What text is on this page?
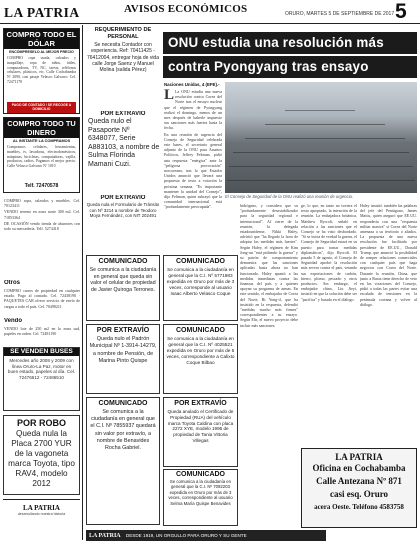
LA PATRIA	AVISOS ECONÓMICOS	ORURO, MARTES 5 DE SEPTIEMBRE DE 2017 5
COMPRO TODO EL DÓLAR
ENCÓMPRESELO AL MEJOR PRECIO
COMPRO ropa usada, calzados y maquillaje, ropa de niños, útiles, computadoras, TV, NC, tareas, teléfonos celulares, plásticos, etc. Calle Cochabamba Nº 2090, casi pasaje Velasco Galvarro. Cel. 72471178
PAGO DE CONTADO / SE RECOGE A DOMICILIO
COMPRO TODO TU DINERO
AL INSTANTE LA COMPRAMOS
Compramos celulares, herramientas, muebles, tv, lavadoras, electrodomésticos, máquinas, bicicletas, computadoras, vajilla, productos, radios. Pagamos el mejor precio. Calle Velasco Galvarro Nº 1010
Telf. 72470578

COMPRO ropa, calzados y muebles. Cel. 70123411

VENDO terreno en zona norte 300 m2. Cel. 71853364

DE OCASIÓN vendo tienda de abarrotes con todo su mercadería. Telf. 5274418

Otros
COMPRO carros de propiedad en cualquier estado. Pago al contado. Cel. 72438190 · PAQUETES CAR ofrece servicio de envío de cargas a todo el país. Cel. 70498211
Vendo
VENDO lote de 250 m2 en la zona sud, papeles en orden. Cel. 72481190
SE VENDEN BUSES
Mercedes año 2008 y 2009 con línea Oruro-La Paz, motor en buen estado, papeles al día. Cel. 72476512 - 72486510
POR ROBO
Queda nula la Placa 2700 YUR de la vagoneta marca Toyota, tipo RAV4, modelo 2012
LA PATRIA
desarrollando nuestra historia
REQUERIMIENTO DE PERSONAL
Se necesita Contador con experiencia. Ref: 70411425 - 76412004, entregar hoja de vida calle Jorge Saenz y Manuel Molina (salida Pérez)
POR EXTRAVÍO
Queda nulo el Pasaporte Nº 6348077, Serie A883103, a nombre de Sulma Florinda Mamani Cuzi.
POR EXTRAVÍO
Queda nula el Formulario de Tránsito con Nº 3214 a nombre de Teodoro Moya Fernández, con NIT 202491
COMUNICADO
Se comunica a la ciudadanía en general que queda sin valor el celular de propiedad de Javier Quiroga Terrones.
POR EXTRAVÍO
Queda nulo el Padrón Municipal Nº 1-3914-14279, a nombre de Pensión, de Marina Pinto Quispe
COMUNICADO
Se comunica a la ciudadanía en general que el C.I. Nº 7855937 quedará sin valor por extravío, a nombre de Benavides Rocha Gabriel.
LA PATRIA DESDE 1919, UN ORGULLO PARA ORURO Y SU GENTE
COMUNICADO
Se comunica a la ciudadanía en general que la C.I. Nº 5771983 expedida en Oruro por más de 3 veces, corresponde al usuario Isaac Alberto Velasco Coque
COMUNICADO
Se comunica a la ciudadanía en general que la C.I. Nº 4025521 expedida en Oruro por más de 5 veces, correspondiente a Calixto Coque Bilbao
POR EXTRAVÍO
Queda anulado el Certificado de Propiedad (RUA) del vehículo marca Toyota Caldina con placa 2272 XYE, modelo 1995 de propiedad de Tania Vittoria Villegas
COMUNICADO
Se comunica a la ciudadanía en general que la C.I. Nº 7092203 expedida en Oruro por más de 3 veces, correspondiente al usuario Selma María Quispe Benavides
ONU estudia una resolución más
contra Pyongyang tras ensayo
Naciones Unidas, 4 (EFE).-
L La ONU estudia una nueva resolución contra Corea del Norte tras el ensayo nuclear que el régimen de Pyongyang realizó el domingo, menos de un mes después de haberle impuesto sus sanciones más fuertes hasta la fecha.

En una reunión de urgencia del Consejo de Seguridad celebrada este lunes, el secretario general adjunto de la ONU para Asuntos Políticos, Jeffrey Feltman, pidió una respuesta "enérgica" ante la "peligrosa provocación" norcoreana, tras lo que Estados Unidos anunció que llevará una propuesta de texto a votación la próxima semana. "Es importante mantener la unidad del Consejo", dijo Feltman, quien subrayó que la comunidad internacional está "profundamente preocupada".

El Consejo de Seguridad de la ONU realizó una reunión de urgencia.
hidrógeno, y considera que su "profundamente desestabilizador para la seguridad regional e internacional". Al cierre de la reunión, la delegada estadounidense, Nikki Haley, advirtió que "ha llegado la hora de adoptar las medidas más fuertes". Según Haley, el régimen de Kim Jong-un "está pidiendo la guerra" y su patrón de comportamiento demuestra que las sanciones aplicadas hasta ahora no han funcionado. Haley apuntó a las medidas inmediatas contra las finanzas del país y a quienes apoyan su programa de armas. En este sentido, el embajador de Corea del Norte, Ri Yong-il, que ha insistido en la respuesta, defendió "medidas mucho más firmes" correspondientes a su ensayo. Según Ehr, el nuevo proyecto debe incluir más sanciones.
ge, lo que, en tanto no tuviera el texto apropiado, la intención de la reunión. La embajadora británica, Matthew Rycroft, señaló en relación a las sanciones que el Consejo se ha visto desbordado. "Si se inicia de verdad la guerra, el Consejo de Seguridad estará en su puesto para tomar medidas diplomáticas", dijo Rycroft. El pasado 5 de agosto, el Consejo de Seguridad aprobó la resolución más severa contra el país, vetando sus exportaciones de carbón, hierro, plomo, pescado y otros productos. Sin embargo, el embajador chino, Liu Jieyi, insistió en que la solución debe ser "pacífica" y basada en el diálogo.
Haley insistió también las palabras del jefe del Pentágono, James Mattis, quien aseguró que EE.UU. respondería con una "respuesta militar masiva" si Corea del Norte amenaza a su territorio o aliados. La propuesta de una nueva resolución fue facilitada por presidente de EE.UU., Donald Trump, que anunció la posibilidad de romper relaciones comerciales con cualquier país que haga negocios con Corea del Norte. Durante la reunión, China, que junto a Rusia tiene derecho de veto en las votaciones del Consejo, pidió a todas las partes evitar una escalada de tensiones en la península coreana y volver al diálogo.
LA PATRIA
Oficina en Cochabamba
Calle Antezana Nº 871
casi esq. Oruro
acera Oeste. Teléfono 4583758
